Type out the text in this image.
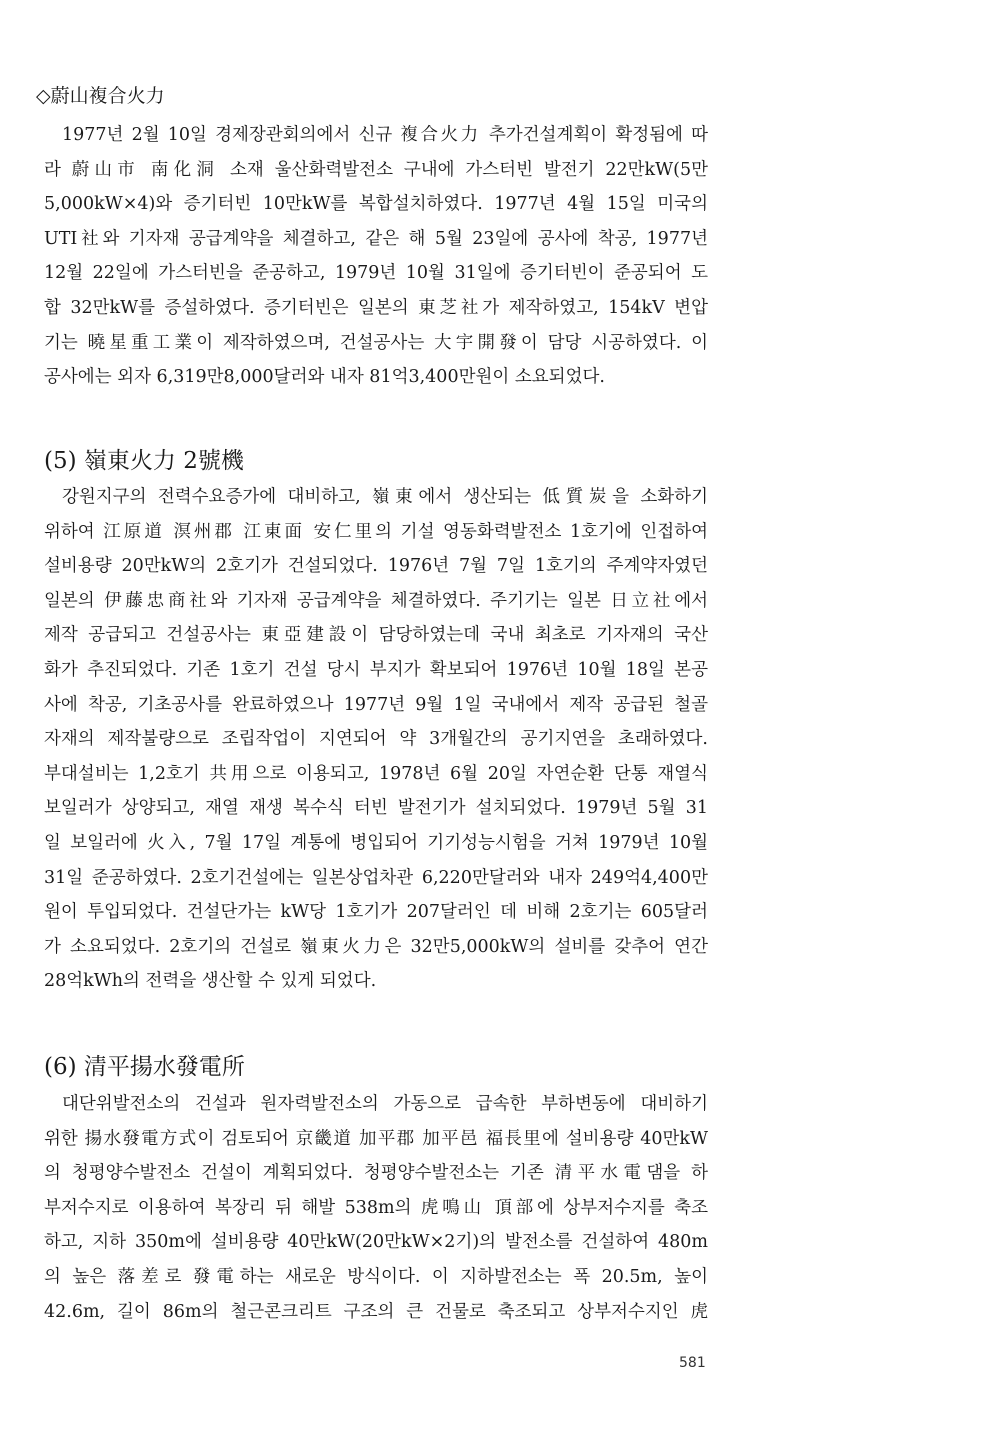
◇蔚山複合火力
1977년 2월 10일 경제장관회의에서 신규 複合火力 추가건설계획이 확정됨에 따
라 蔚山市 南化洞 소재 울산화력발전소 구내에 가스터빈 발전기 22만kW(5만
5,000kW×4)와 증기터빈 10만kW를 복합설치하였다. 1977년 4월 15일 미국의
UTI社와 기자재 공급계약을 체결하고, 같은 해 5월 23일에 공사에 착공, 1977년
12월 22일에 가스터빈을 준공하고, 1979년 10월 31일에 증기터빈이 준공되어 도
합 32만kW를 증설하였다. 증기터빈은 일본의 東芝社가 제작하였고, 154kV 변압
기는 曉星重工業이 제작하였으며, 건설공사는 大宇開發이 담당 시공하였다. 이
공사에는 외자 6,319만8,000달러와 내자 81억3,400만원이 소요되었다.
(5) 嶺東火力 2號機
강원지구의 전력수요증가에 대비하고, 嶺東에서 생산되는 低質炭을 소화하기
위하여 江原道 溟州郡 江東面 安仁里의 기설 영동화력발전소 1호기에 인접하여
설비용량 20만kW의 2호기가 건설되었다. 1976년 7월 7일 1호기의 주계약자였던
일본의 伊藤忠商社와 기자재 공급계약을 체결하였다. 주기기는 일본 日立社에서
제작 공급되고 건설공사는 東亞建設이 담당하였는데 국내 최초로 기자재의 국산
화가 추진되었다. 기존 1호기 건설 당시 부지가 확보되어 1976년 10월 18일 본공
사에 착공, 기초공사를 완료하였으나 1977년 9월 1일 국내에서 제작 공급된 철골
자재의 제작불량으로 조립작업이 지연되어 약 3개월간의 공기지연을 초래하였다.
부대설비는 1,2호기 共用으로 이용되고, 1978년 6월 20일 자연순환 단통 재열식
보일러가 상양되고, 재열 재생 복수식 터빈 발전기가 설치되었다. 1979년 5월 31
일 보일러에 火入, 7월 17일 계통에 병입되어 기기성능시험을 거쳐 1979년 10월
31일 준공하였다. 2호기건설에는 일본상업차관 6,220만달러와 내자 249억4,400만
원이 투입되었다. 건설단가는 kW당 1호기가 207달러인 데 비해 2호기는 605달러
가 소요되었다. 2호기의 건설로 嶺東火力은 32만5,000kW의 설비를 갖추어 연간
28억kWh의 전력을 생산할 수 있게 되었다.
(6) 清平揚水發電所
대단위발전소의 건설과 원자력발전소의 가동으로 급속한 부하변동에 대비하기
위한 揚水發電方式이 검토되어 京畿道 加平郡 加平邑 福長里에 설비용량 40만kW
의 청평양수발전소 건설이 계획되었다. 청평양수발전소는 기존 清平水電댐을 하
부저수지로 이용하여 복장리 뒤 해발 538m의 虎鳴山 頂部에 상부저수지를 축조
하고, 지하 350m에 설비용량 40만kW(20만kW×2기)의 발전소를 건설하여 480m
의 높은 落差로 發電하는 새로운 방식이다. 이 지하발전소는 폭 20.5m, 높이
42.6m, 길이 86m의 철근콘크리트 구조의 큰 건물로 축조되고 상부저수지인 虎
581
